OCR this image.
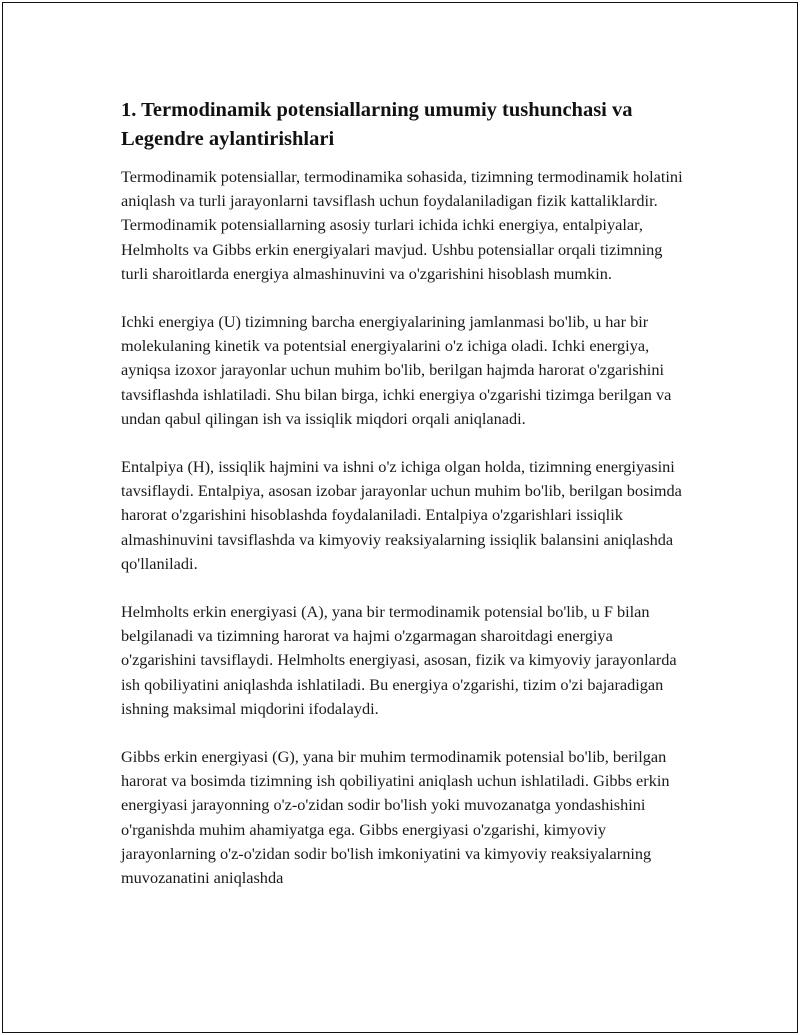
1. Termodinamik potensiallarning umumiy tushunchasi va Legendre aylantirishlari

Termodinamik potensiallar, termodinamika sohasida, tizimning termodinamik holatini aniqlash va turli jarayonlarni tavsiflash uchun foydalaniladigan fizik kattaliklardir. Termodinamik potensiallarning asosiy turlari ichida ichki energiya, entalpiyalar, Helmholts va Gibbs erkin energiyalari mavjud. Ushbu potensiallar orqali tizimning turli sharoitlarda energiya almashinuvini va o'zgarishini hisoblash mumkin.

Ichki energiya (U) tizimning barcha energiyalarining jamlanmasi bo'lib, u har bir molekulaning kinetik va potentsial energiyalarini o'z ichiga oladi. Ichki energiya, ayniqsa izoxor jarayonlar uchun muhim bo'lib, berilgan hajmda harorat o'zgarishini tavsiflashda ishlatiladi. Shu bilan birga, ichki energiya o'zgarishi tizimga berilgan va undan qabul qilingan ish va issiqlik miqdori orqali aniqlanadi.

Entalpiya (H), issiqlik hajmini va ishni o'z ichiga olgan holda, tizimning energiyasini tavsiflaydi. Entalpiya, asosan izobar jarayonlar uchun muhim bo'lib, berilgan bosimda harorat o'zgarishini hisoblashda foydalaniladi. Entalpiya o'zgarishlari issiqlik almashinuvini tavsiflashda va kimyoviy reaksiyalarning issiqlik balansini aniqlashda qo'llaniladi.

Helmholts erkin energiyasi (A), yana bir termodinamik potensial bo'lib, u F bilan belgilanadi va tizimning harorat va hajmi o'zgarmagan sharoitdagi energiya o'zgarishini tavsiflaydi. Helmholts energiyasi, asosan, fizik va kimyoviy jarayonlarda ish qobiliyatini aniqlashda ishlatiladi. Bu energiya o'zgarishi, tizim o'zi bajaradigan ishning maksimal miqdorini ifodalaydi.

Gibbs erkin energiyasi (G), yana bir muhim termodinamik potensial bo'lib, berilgan harorat va bosimda tizimning ish qobiliyatini aniqlash uchun ishlatiladi. Gibbs erkin energiyasi jarayonning o'z-o'zidan sodir bo'lish yoki muvozanatga yondashishini o'rganishda muhim ahamiyatga ega. Gibbs energiyasi o'zgarishi, kimyoviy jarayonlarning o'z-o'zidan sodir bo'lish imkoniyatini va kimyoviy reaksiyalarning muvozanatini aniqlashda
